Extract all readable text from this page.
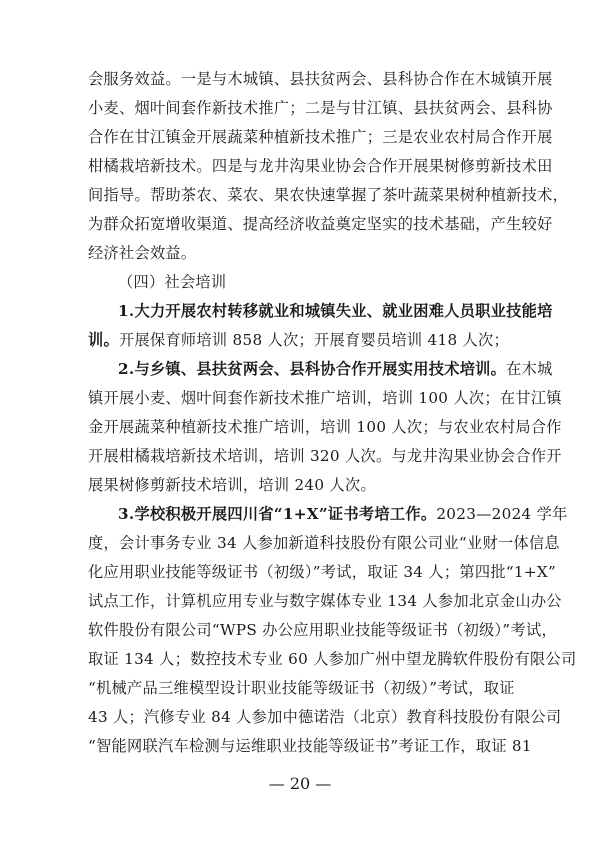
会服务效益。一是与木城镇、县扶贫两会、县科协合作在木城镇开展
小麦、烟叶间套作新技术推广；二是与甘江镇、县扶贫两会、县科协
合作在甘江镇金开展蔬菜种植新技术推广；三是农业农村局合作开展
柑橘栽培新技术。四是与龙井沟果业协会合作开展果树修剪新技术田
间指导。帮助茶农、菜农、果农快速掌握了茶叶蔬菜果树种植新技术，
为群众拓宽增收渠道、提高经济收益奠定坚实的技术基础，产生较好
经济社会效益。
（四）社会培训
1.大力开展农村转移就业和城镇失业、就业困难人员职业技能培
训。开展保育师培训 858 人次；开展育婴员培训 418 人次；
2.与乡镇、县扶贫两会、县科协合作开展实用技术培训。在木城
镇开展小麦、烟叶间套作新技术推广培训，培训 100 人次；在甘江镇
金开展蔬菜种植新技术推广培训，培训 100 人次；与农业农村局合作
开展柑橘栽培新技术培训，培训 320 人次。与龙井沟果业协会合作开
展果树修剪新技术培训，培训 240 人次。
3.学校积极开展四川省“1+X”证书考培工作。2023—2024 学年
度，会计事务专业 34 人参加新道科技股份有限公司业“业财一体信息
化应用职业技能等级证书（初级）”考试，取证 34 人；第四批“1+X”
试点工作，计算机应用专业与数字媒体专业 134 人参加北京金山办公
软件股份有限公司“WPS 办公应用职业技能等级证书（初级）”考试，
取证 134 人；数控技术专业 60 人参加广州中望龙腾软件股份有限公司
“机械产品三维模型设计职业技能等级证书（初级）”考试，取证
43 人；汽修专业 84 人参加中德诺浩（北京）教育科技股份有限公司
“智能网联汽车检测与运维职业技能等级证书”考证工作，取证 81
— 20 —
